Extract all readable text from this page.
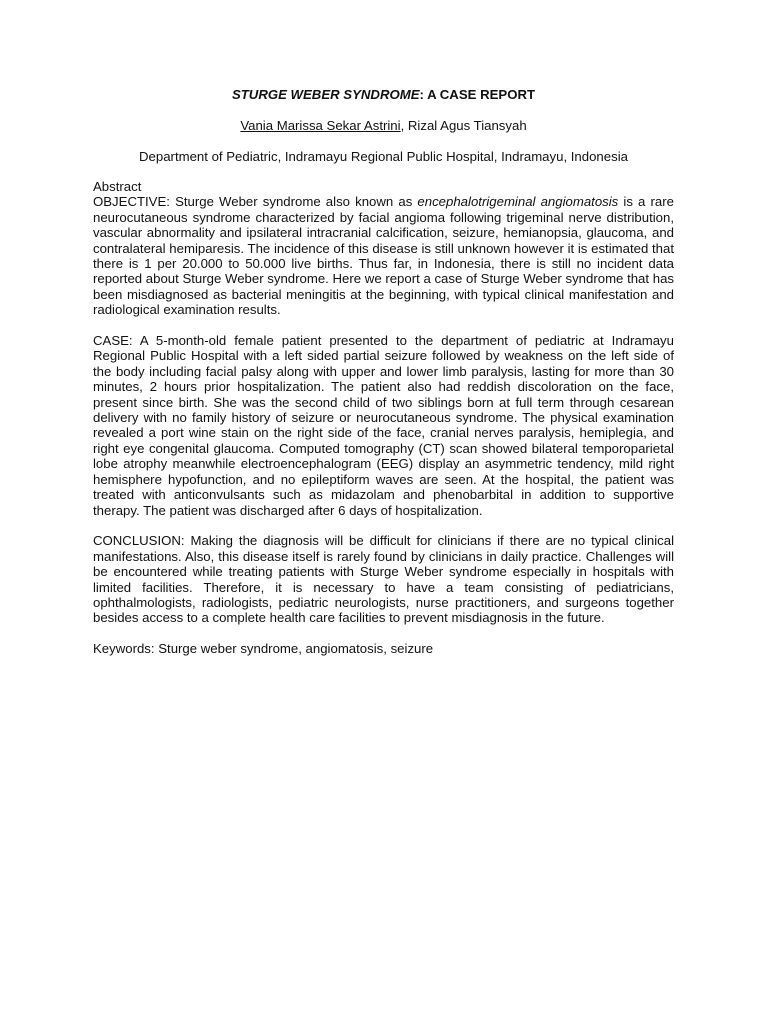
STURGE WEBER SYNDROME: A CASE REPORT
Vania Marissa Sekar Astrini, Rizal Agus Tiansyah
Department of Pediatric, Indramayu Regional Public Hospital, Indramayu, Indonesia
Abstract

OBJECTIVE: Sturge Weber syndrome also known as encephalotrigeminal angiomatosis is a rare neurocutaneous syndrome characterized by facial angioma following trigeminal nerve distribution, vascular abnormality and ipsilateral intracranial calcification, seizure, hemianopsia, glaucoma, and contralateral hemiparesis. The incidence of this disease is still unknown however it is estimated that there is 1 per 20.000 to 50.000 live births. Thus far, in Indonesia, there is still no incident data reported about Sturge Weber syndrome. Here we report a case of Sturge Weber syndrome that has been misdiagnosed as bacterial meningitis at the beginning, with typical clinical manifestation and radiological examination results.

CASE: A 5-month-old female patient presented to the department of pediatric at Indramayu Regional Public Hospital with a left sided partial seizure followed by weakness on the left side of the body including facial palsy along with upper and lower limb paralysis, lasting for more than 30 minutes, 2 hours prior hospitalization. The patient also had reddish discoloration on the face, present since birth. She was the second child of two siblings born at full term through cesarean delivery with no family history of seizure or neurocutaneous syndrome. The physical examination revealed a port wine stain on the right side of the face, cranial nerves paralysis, hemiplegia, and right eye congenital glaucoma. Computed tomography (CT) scan showed bilateral temporoparietal lobe atrophy meanwhile electroencephalogram (EEG) display an asymmetric tendency, mild right hemisphere hypofunction, and no epileptiform waves are seen. At the hospital, the patient was treated with anticonvulsants such as midazolam and phenobarbital in addition to supportive therapy. The patient was discharged after 6 days of hospitalization.

CONCLUSION: Making the diagnosis will be difficult for clinicians if there are no typical clinical manifestations. Also, this disease itself is rarely found by clinicians in daily practice. Challenges will be encountered while treating patients with Sturge Weber syndrome especially in hospitals with limited facilities. Therefore, it is necessary to have a team consisting of pediatricians, ophthalmologists, radiologists, pediatric neurologists, nurse practitioners, and surgeons together besides access to a complete health care facilities to prevent misdiagnosis in the future.

Keywords: Sturge weber syndrome, angiomatosis, seizure
